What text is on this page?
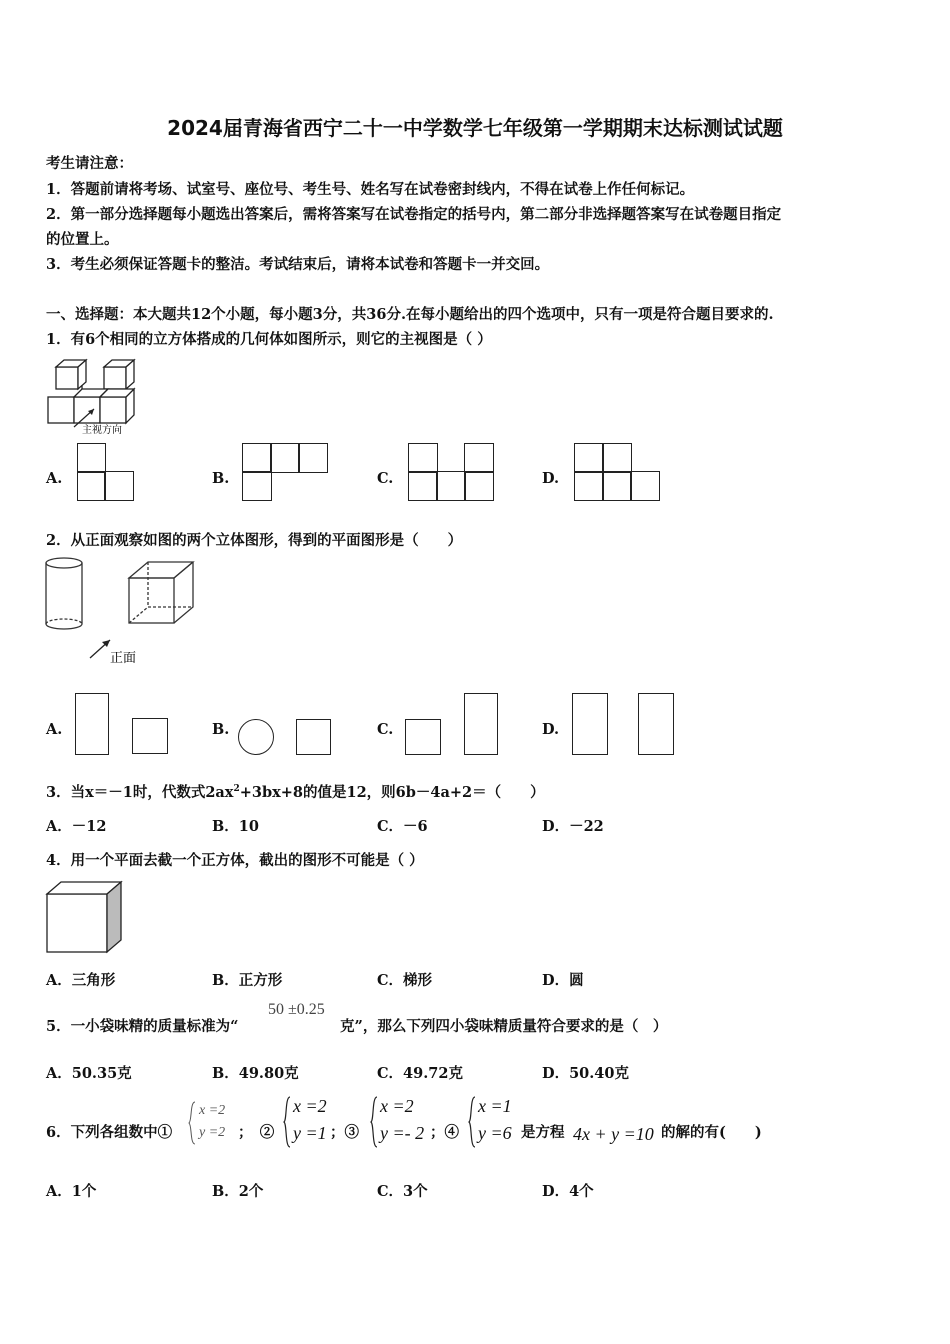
2024届青海省西宁二十一中学数学七年级第一学期期末达标测试试题
考生请注意：
1．答题前请将考场、试室号、座位号、考生号、姓名写在试卷密封线内，不得在试卷上作任何标记。
2．第一部分选择题每小题选出答案后，需将答案写在试卷指定的括号内，第二部分非选择题答案写在试卷题目指定
的位置上。
3．考生必须保证答题卡的整洁。考试结束后，请将本试卷和答题卡一并交回。
一、选择题：本大题共12个小题，每小题3分，共36分.在每小题给出的四个选项中，只有一项是符合题目要求的.
1．有6个相同的立方体搭成的几何体如图所示，则它的主视图是（ ）
主视方向
A.	B.	C.	D.
2．从正面观察如图的两个立体图形，得到的平面图形是（　　）
正面
A.	B.	C.	D.
3．当x＝－1时，代数式$2ax^2+3bx+8$的值是12，则6b－4a+2＝（　　）
A．－12	B．10	C．－6	D．－22
4．用一个平面去截一个正方体，截出的图形不可能是（ ）
A．三角形	B．正方形	C．梯形	D．圆
5．一小袋味精的质量标准为“
50 ±0.25
克”，那么下列四小袋味精质量符合要求的是（　）
A．50.35克	B．49.80克	C．49.72克	D．50.40克
6．下列各组数中①
x =2
y =2 ；　②
x =2
y =1 ；③
x =2
y =- 2 ；④
x =1
y =6 是方程 4x + y =10 的解的有(　　)
A．1个	B．2个	C．3个	D．4个
